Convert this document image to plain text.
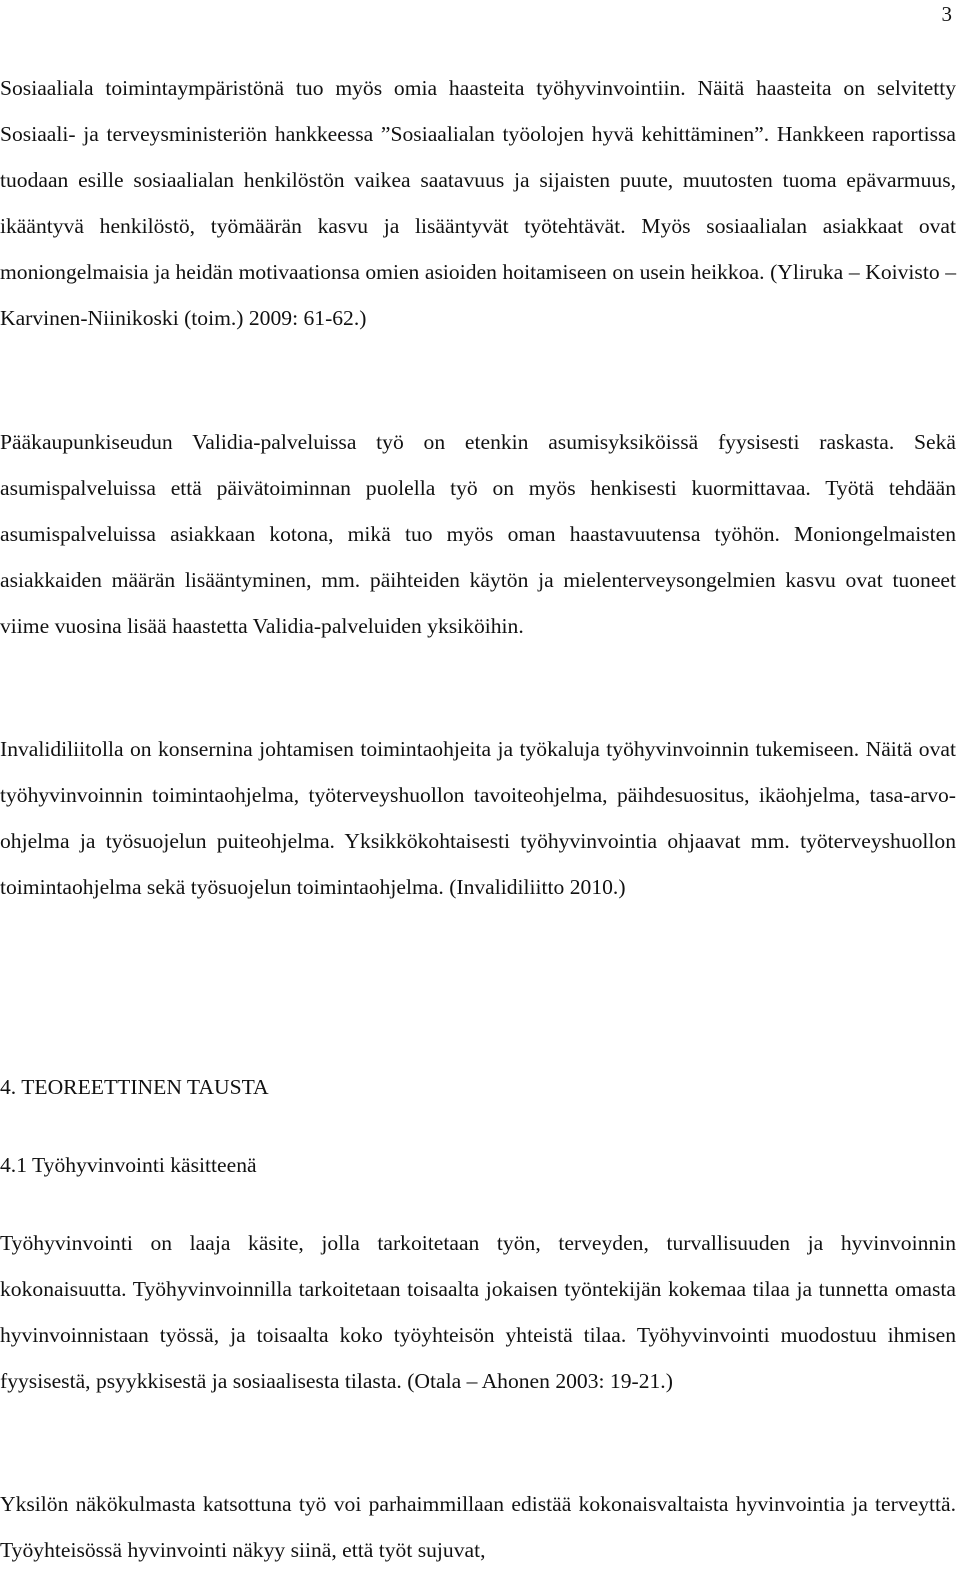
3

Sosiaaliala toimintaympäristönä tuo myös omia haasteita työhyvinvointiin. Näitä haasteita on selvitetty Sosiaali- ja terveysministeriön hankkeessa ”Sosiaalialan työolojen hyvä kehittäminen”. Hankkeen raportissa tuodaan esille sosiaalialan henkilöstön vaikea saatavuus ja sijaisten puute, muutosten tuoma epävarmuus, ikääntyvä henkilöstö, työmäärän kasvu ja lisääntyvät työtehtävät. Myös sosiaalialan asiakkaat ovat moniongelmaisia ja heidän motivaationsa omien asioiden hoitamiseen on usein heikkoa. (Yliruka – Koivisto – Karvinen-Niinikoski (toim.) 2009: 61-62.)

Pääkaupunkiseudun Validia-palveluissa työ on etenkin asumisyksiköissä fyysisesti raskasta. Sekä asumispalveluissa että päivätoiminnan puolella työ on myös henkisesti kuormittavaa. Työtä tehdään asumispalveluissa asiakkaan kotona, mikä tuo myös oman haastavuutensa työhön. Moniongelmaisten asiakkaiden määrän lisääntyminen, mm. päihteiden käytön ja mielenterveysongelmien kasvu ovat tuoneet viime vuosina lisää haastetta Validia-palveluiden yksiköihin.

Invalidiliitolla on konsernina johtamisen toimintaohjeita ja työkaluja työhyvinvoinnin tukemiseen. Näitä ovat työhyvinvoinnin toimintaohjelma, työterveyshuollon tavoiteohjelma, päihdesuositus, ikäohjelma, tasa-arvo-ohjelma ja työsuojelun puiteohjelma. Yksikkökohtaisesti työhyvinvointia ohjaavat mm. työterveyshuollon toimintaohjelma sekä työsuojelun toimintaohjelma. (Invalidiliitto 2010.)

4. TEOREETTINEN TAUSTA
4.1 Työhyvinvointi käsitteenä

Työhyvinvointi on laaja käsite, jolla tarkoitetaan työn, terveyden, turvallisuuden ja hyvinvoinnin kokonaisuutta. Työhyvinvoinnilla tarkoitetaan toisaalta jokaisen työntekijän kokemaa tilaa ja tunnetta omasta hyvinvoinnistaan työssä, ja toisaalta koko työyhteisön yhteistä tilaa. Työhyvinvointi muodostuu ihmisen fyysisestä, psyykkisestä ja sosiaalisesta tilasta. (Otala – Ahonen 2003: 19-21.)

Yksilön näkökulmasta katsottuna työ voi parhaimmillaan edistää kokonaisvaltaista hyvinvointia ja terveyttä. Työyhteisössä hyvinvointi näkyy siinä, että työt sujuvat,
